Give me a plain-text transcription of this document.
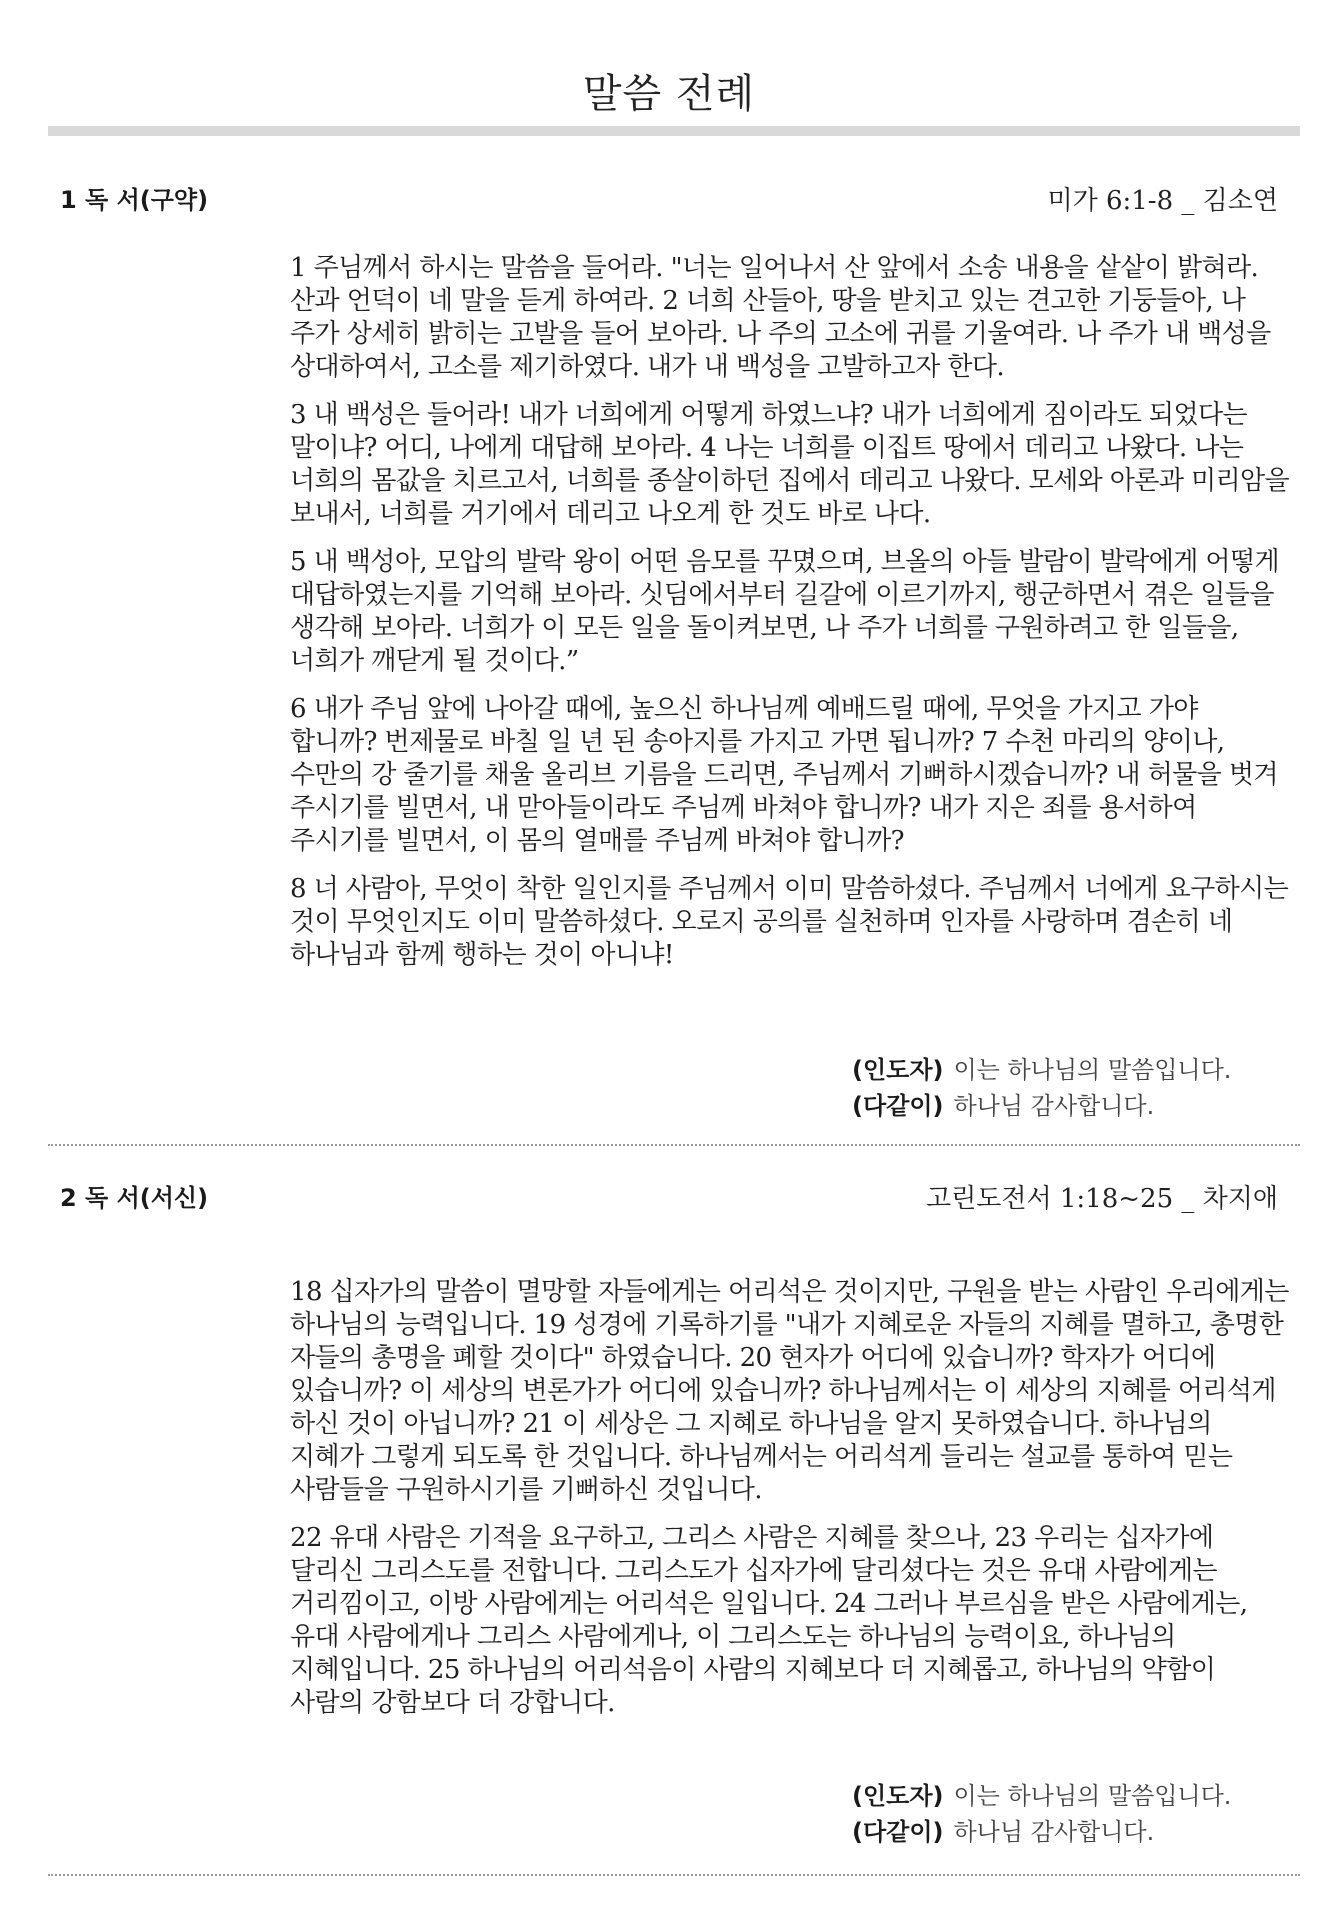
말씀 전례
1 독 서(구약)	미가 6:1-8 _ 김소연

1 주님께서 하시는 말씀을 들어라. "너는 일어나서 산 앞에서 소송 내용을 샅샅이 밝혀라. 산과 언덕이 네 말을 듣게 하여라. 2 너희 산들아, 땅을 받치고 있는 견고한 기둥들아, 나 주가 상세히 밝히는 고발을 들어 보아라. 나 주의 고소에 귀를 기울여라. 나 주가 내 백성을 상대하여서, 고소를 제기하였다. 내가 내 백성을 고발하고자 한다.

3 내 백성은 들어라! 내가 너희에게 어떻게 하였느냐? 내가 너희에게 짐이라도 되었다는 말이냐? 어디, 나에게 대답해 보아라. 4 나는 너희를 이집트 땅에서 데리고 나왔다. 나는 너희의 몸값을 치르고서, 너희를 종살이하던 집에서 데리고 나왔다. 모세와 아론과 미리암을 보내서, 너희를 거기에서 데리고 나오게 한 것도 바로 나다.

5 내 백성아, 모압의 발락 왕이 어떤 음모를 꾸몄으며, 브올의 아들 발람이 발락에게 어떻게 대답하였는지를 기억해 보아라. 싯딤에서부터 길갈에 이르기까지, 행군하면서 겪은 일들을 생각해 보아라. 너희가 이 모든 일을 돌이켜보면, 나 주가 너희를 구원하려고 한 일들을, 너희가 깨닫게 될 것이다.”

6 내가 주님 앞에 나아갈 때에, 높으신 하나님께 예배드릴 때에, 무엇을 가지고 가야 합니까? 번제물로 바칠 일 년 된 송아지를 가지고 가면 됩니까? 7 수천 마리의 양이나, 수만의 강 줄기를 채울 올리브 기름을 드리면, 주님께서 기뻐하시겠습니까? 내 허물을 벗겨 주시기를 빌면서, 내 맏아들이라도 주님께 바쳐야 합니까? 내가 지은 죄를 용서하여 주시기를 빌면서, 이 몸의 열매를 주님께 바쳐야 합니까?

8 너 사람아, 무엇이 착한 일인지를 주님께서 이미 말씀하셨다. 주님께서 너에게 요구하시는 것이 무엇인지도 이미 말씀하셨다. 오로지 공의를 실천하며 인자를 사랑하며 겸손히 네 하나님과 함께 행하는 것이 아니냐!

(인도자) 이는 하나님의 말씀입니다.
(다같이) 하나님 감사합니다.
2 독 서(서신)	고린도전서 1:18~25 _ 차지애

18 십자가의 말씀이 멸망할 자들에게는 어리석은 것이지만, 구원을 받는 사람인 우리에게는 하나님의 능력입니다. 19 성경에 기록하기를 "내가 지혜로운 자들의 지혜를 멸하고, 총명한 자들의 총명을 폐할 것이다" 하였습니다. 20 현자가 어디에 있습니까? 학자가 어디에 있습니까? 이 세상의 변론가가 어디에 있습니까? 하나님께서는 이 세상의 지혜를 어리석게 하신 것이 아닙니까? 21 이 세상은 그 지혜로 하나님을 알지 못하였습니다. 하나님의 지혜가 그렇게 되도록 한 것입니다. 하나님께서는 어리석게 들리는 설교를 통하여 믿는 사람들을 구원하시기를 기뻐하신 것입니다.

22 유대 사람은 기적을 요구하고, 그리스 사람은 지혜를 찾으나, 23 우리는 십자가에 달리신 그리스도를 전합니다. 그리스도가 십자가에 달리셨다는 것은 유대 사람에게는 거리낌이고, 이방 사람에게는 어리석은 일입니다. 24 그러나 부르심을 받은 사람에게는, 유대 사람에게나 그리스 사람에게나, 이 그리스도는 하나님의 능력이요, 하나님의 지혜입니다. 25 하나님의 어리석음이 사람의 지혜보다 더 지혜롭고, 하나님의 약함이 사람의 강함보다 더 강합니다.

(인도자) 이는 하나님의 말씀입니다.
(다같이) 하나님 감사합니다.
